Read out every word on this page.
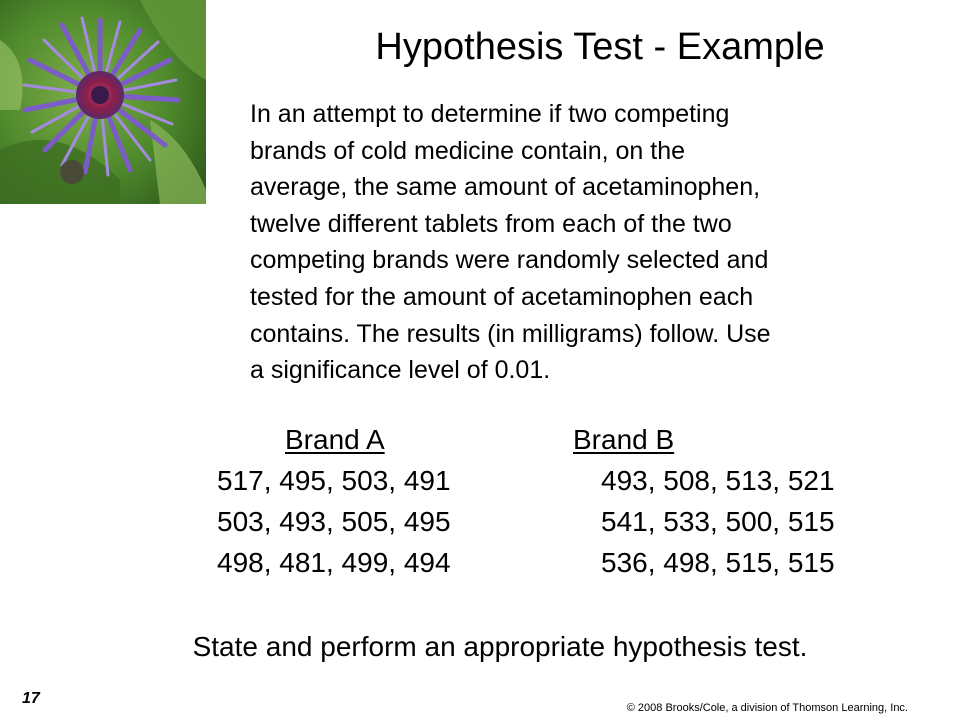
Hypothesis Test - Example
In an attempt to determine if two competing
brands of cold medicine contain, on the
average, the same amount of acetaminophen,
twelve different tablets from each of the two
competing brands were randomly selected and
tested for the amount of acetaminophen each
contains. The results (in milligrams) follow. Use
a significance level of 0.01.
Brand A
517, 495, 503, 491
503, 493, 505, 495
498, 481, 499, 494
Brand B
493, 508, 513, 521
541, 533, 500, 515
536, 498, 515, 515
State and perform an appropriate hypothesis test.
17
© 2008 Brooks/Cole, a division of Thomson Learning, Inc.
